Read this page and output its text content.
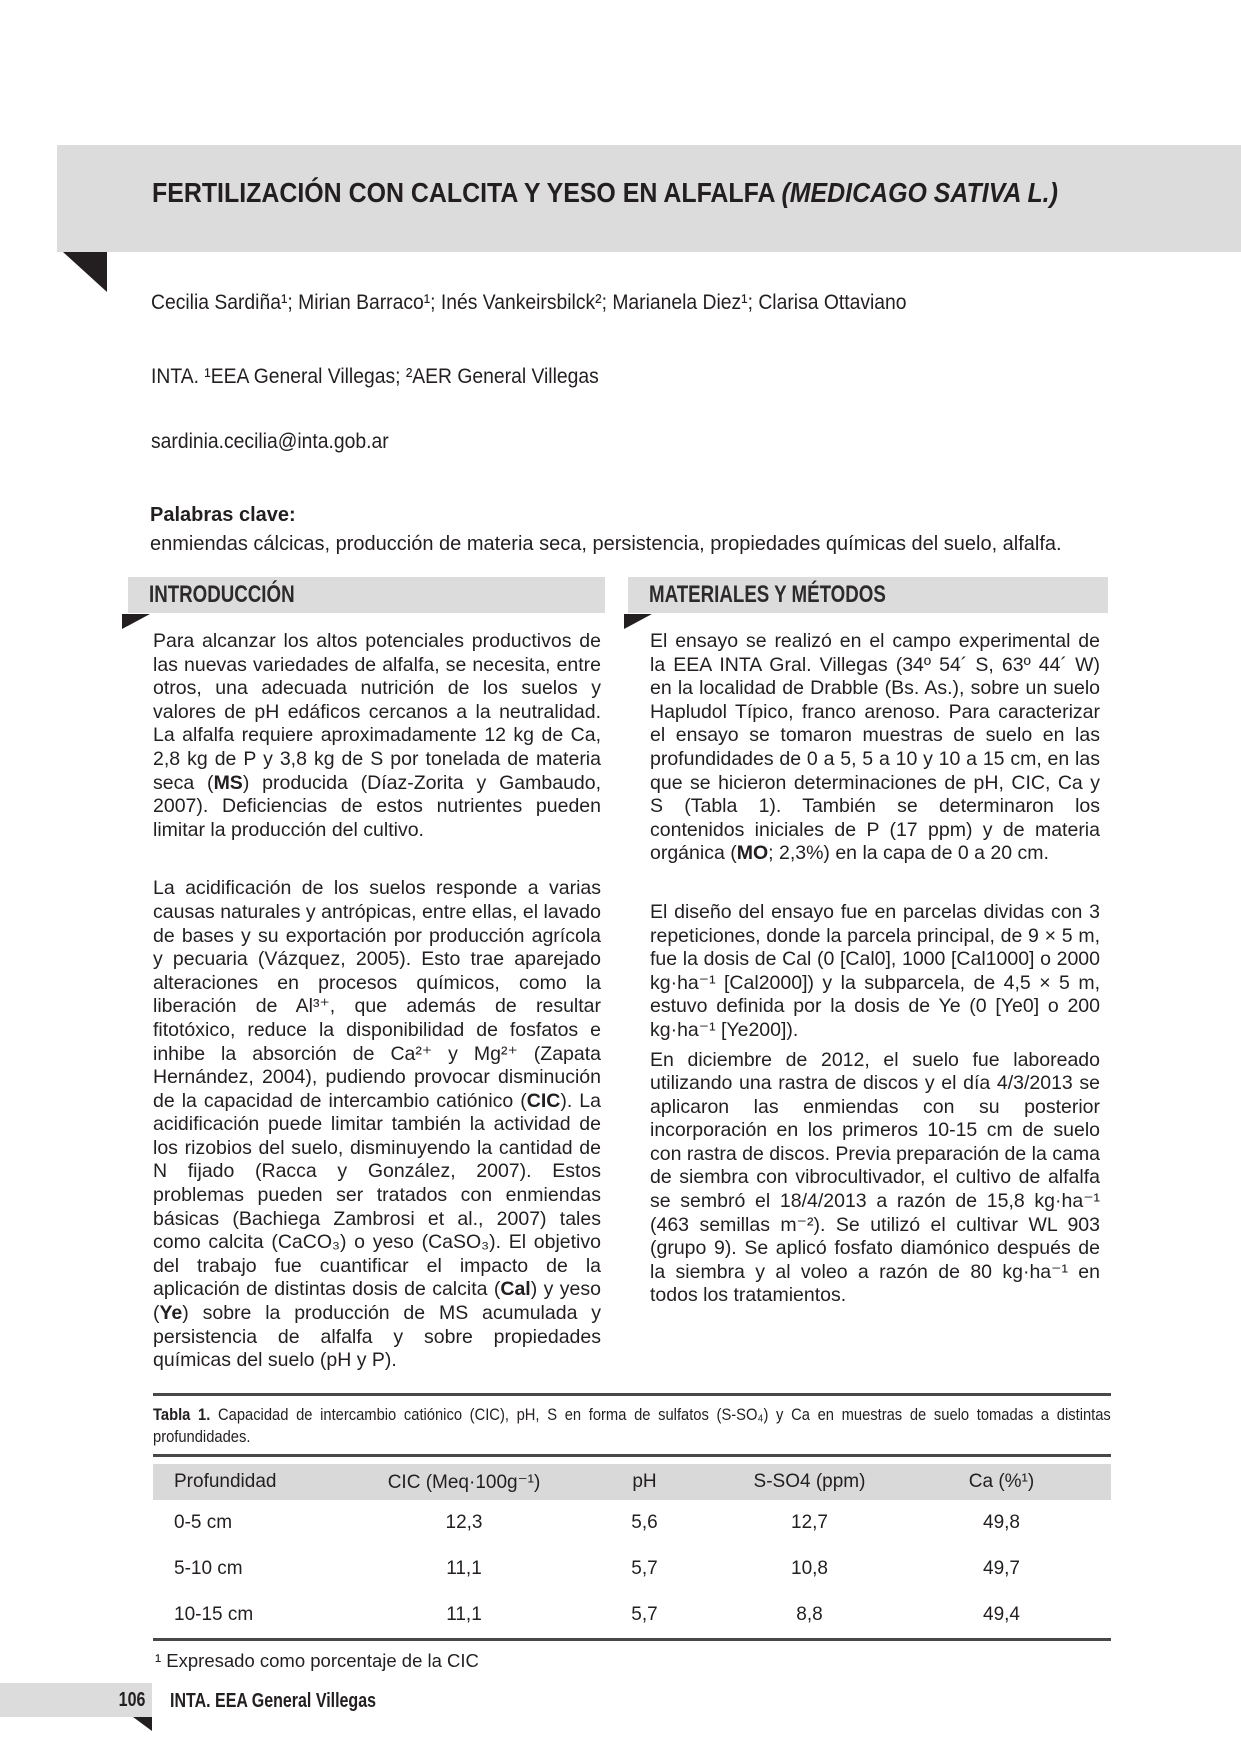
FERTILIZACIÓN CON CALCITA Y YESO EN ALFALFA (MEDICAGO SATIVA L.)
Cecilia Sardiña¹; Mirian Barraco¹; Inés Vankeirsbilck²; Marianela Diez¹; Clarisa Ottaviano
INTA. ¹EEA General Villegas; ²AER General Villegas
sardinia.cecilia@inta.gob.ar
Palabras clave:
enmiendas cálcicas, producción de materia seca, persistencia, propiedades químicas del suelo, alfalfa.
INTRODUCCIÓN

Para alcanzar los altos potenciales productivos de las nuevas variedades de alfalfa, se necesita, entre otros, una adecuada nutrición de los suelos y valores de pH edáficos cercanos a la neutralidad. La alfalfa requiere aproximadamente 12 kg de Ca, 2,8 kg de P y 3,8 kg de S por tonelada de materia seca (MS) producida (Díaz-Zorita y Gambaudo, 2007). Deficiencias de estos nutrientes pueden limitar la producción del cultivo.

La acidificación de los suelos responde a varias causas naturales y antrópicas, entre ellas, el lavado de bases y su exportación por producción agrícola y pecuaria (Vázquez, 2005). Esto trae aparejado alteraciones en procesos químicos, como la liberación de Al³⁺, que además de resultar fitotóxico, reduce la disponibilidad de fosfatos e inhibe la absorción de Ca²⁺ y Mg²⁺ (Zapata Hernández, 2004), pudiendo provocar disminución de la capacidad de intercambio catiónico (CIC). La acidificación puede limitar también la actividad de los rizobios del suelo, disminuyendo la cantidad de N fijado (Racca y González, 2007). Estos problemas pueden ser tratados con enmiendas básicas (Bachiega Zambrosi et al., 2007) tales como calcita (CaCO₃) o yeso (CaSO₃). El objetivo del trabajo fue cuantificar el impacto de la aplicación de distintas dosis de calcita (Cal) y yeso (Ye) sobre la producción de MS acumulada y persistencia de alfalfa y sobre propiedades químicas del suelo (pH y P).

MATERIALES Y MÉTODOS

El ensayo se realizó en el campo experimental de la EEA INTA Gral. Villegas (34º 54´ S, 63º 44´ W) en la localidad de Drabble (Bs. As.), sobre un suelo Hapludol Típico, franco arenoso. Para caracterizar el ensayo se tomaron muestras de suelo en las profundidades de 0 a 5, 5 a 10 y 10 a 15 cm, en las que se hicieron determinaciones de pH, CIC, Ca y S (Tabla 1). También se determinaron los contenidos iniciales de P (17 ppm) y de materia orgánica (MO; 2,3%) en la capa de 0 a 20 cm.

El diseño del ensayo fue en parcelas dividas con 3 repeticiones, donde la parcela principal, de 9 × 5 m, fue la dosis de Cal (0 [Cal0], 1000 [Cal1000] o 2000 kg·ha⁻¹ [Cal2000]) y la subparcela, de 4,5 × 5 m, estuvo definida por la dosis de Ye (0 [Ye0] o 200 kg·ha⁻¹ [Ye200]).

En diciembre de 2012, el suelo fue laboreado utilizando una rastra de discos y el día 4/3/2013 se aplicaron las enmiendas con su posterior incorporación en los primeros 10-15 cm de suelo con rastra de discos. Previa preparación de la cama de siembra con vibrocultivador, el cultivo de alfalfa se sembró el 18/4/2013 a razón de 15,8 kg·ha⁻¹ (463 semillas m⁻²). Se utilizó el cultivar WL 903 (grupo 9). Se aplicó fosfato diamónico después de la siembra y al voleo a razón de 80 kg·ha⁻¹ en todos los tratamientos.

Tabla 1. Capacidad de intercambio catiónico (CIC), pH, S en forma de sulfatos (S-SO₄) y Ca en muestras de suelo tomadas a distintas profundidades.

Profundidad	CIC (Meq·100g⁻¹)	pH	S-SO4 (ppm)	Ca (%¹)
0-5 cm	12,3	5,6	12,7	49,8
5-10 cm	11,1	5,7	10,8	49,7
10-15 cm	11,1	5,7	8,8	49,4

¹ Expresado como porcentaje de la CIC

106 INTA. EEA General Villegas
